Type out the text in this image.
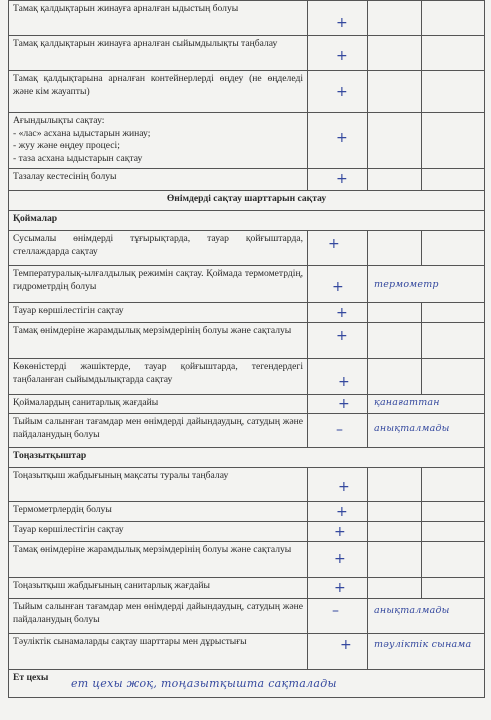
Тамақ қалдықтарын жинауға арналған ыдыстың болуы	+		

Тамақ қалдықтарын жинауға арналған сыйымдылықты таңбалау	+		

Тамақ қалдықтарына арналған контейнерлерді өңдеу (не өңделеді және кім жауапты)	+		

Ағындылықты сақтау:
- «лас» асхана ыдыстарын жинау;
- жуу және өңдеу процесі;
- таза асхана ыдыстарын сақтау	+		

Тазалау кестесінің болуы	+		

Өнімдерді сақтау шарттарын сақтау			
Қоймалар			
Сусымалы өнімдерді тұғырықтарда, тауар қойғыштарда, стеллаждарда сақтау	+		

Температуралық-ылғалдылық режимін сақтау. Қоймада термометрдің, гидрометрдің болуы	+	термометр	

Тауар көршілестігін сақтау	+		

Тамақ өнімдеріне жарамдылық мерзімдерінің болуы және сақталуы	+		

Көкөністерді жәшіктерде, тауар қойғыштарда, тегендердегі таңбаланған сыйымдылықтарда сақтау	+		

Қоймалардың санитарлық жағдайы	+	қанағаттан	

Тыйым салынған тағамдар мен өнімдерді дайындаудың, сатудың және пайдаланудың болуы	–	анықталмады	

Тоңазытқыштар			
Тоңазытқыш жабдығының мақсаты туралы таңбалау	+		

Термометрлердің болуы	+		

Тауар көршілестігін сақтау	+		

Тамақ өнімдеріне жарамдылық мерзімдерінің болуы және сақталуы	+		

Тоңазытқыш жабдығының санитарлық жағдайы	+		

Тыйым салынған тағамдар мен өнімдерді дайындаудың, сатудың және пайдаланудың болуы	–	анықталмады	

Тәуліктік сынамаларды сақтау шарттары мен дұрыстығы	+	тәуліктік сынама	

Ет цехы			ет цехы жоқ, тоңазытқышта сақталады
